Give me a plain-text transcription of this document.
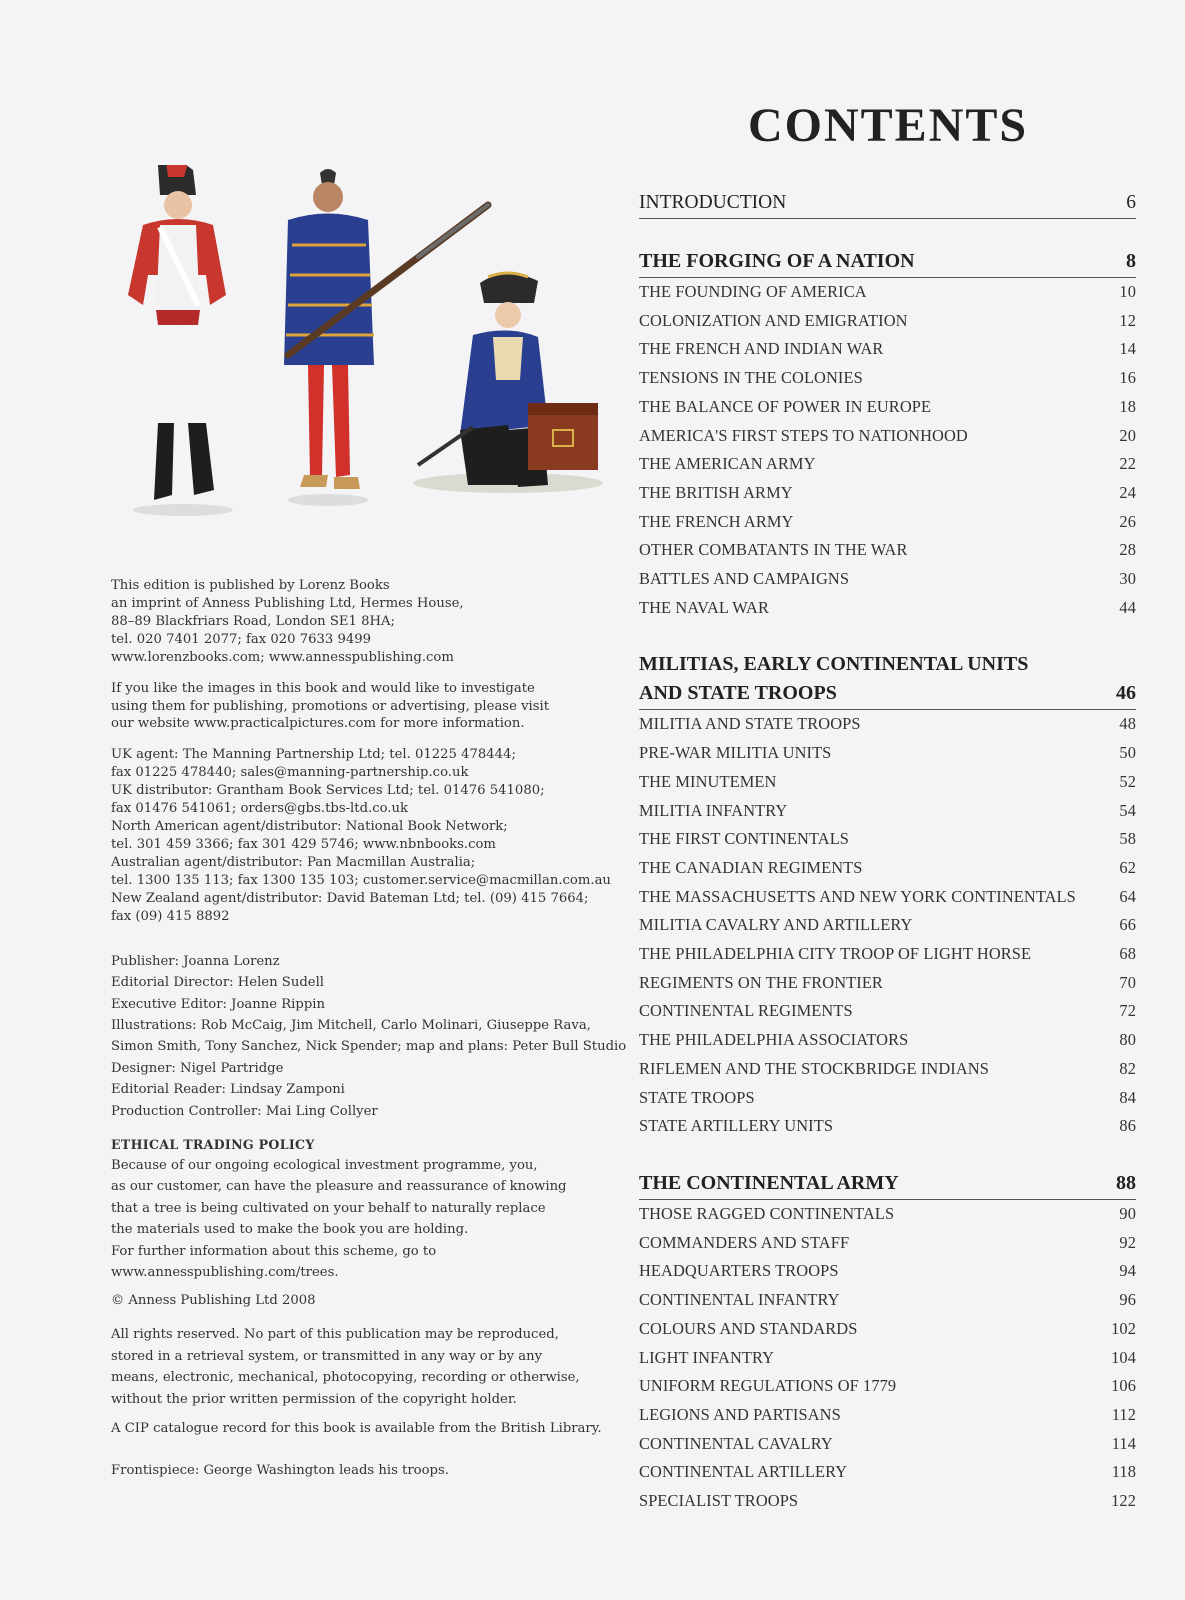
This edition is published by Lorenz Books
an imprint of Anness Publishing Ltd, Hermes House,
88–89 Blackfriars Road, London SE1 8HA;
tel. 020 7401 2077; fax 020 7633 9499
www.lorenzbooks.com; www.annesspublishing.com
If you like the images in this book and would like to investigate
using them for publishing, promotions or advertising, please visit
our website www.practicalpictures.com for more information.
UK agent: The Manning Partnership Ltd; tel. 01225 478444;
fax 01225 478440; sales@manning-partnership.co.uk
UK distributor: Grantham Book Services Ltd; tel. 01476 541080;
fax 01476 541061; orders@gbs.tbs-ltd.co.uk
North American agent/distributor: National Book Network;
tel. 301 459 3366; fax 301 429 5746; www.nbnbooks.com
Australian agent/distributor: Pan Macmillan Australia;
tel. 1300 135 113; fax 1300 135 103; customer.service@macmillan.com.au
New Zealand agent/distributor: David Bateman Ltd; tel. (09) 415 7664;
fax (09) 415 8892
Publisher: Joanna Lorenz
Editorial Director: Helen Sudell
Executive Editor: Joanne Rippin
Illustrations: Rob McCaig, Jim Mitchell, Carlo Molinari, Giuseppe Rava,
Simon Smith, Tony Sanchez, Nick Spender; map and plans: Peter Bull Studio
Designer: Nigel Partridge
Editorial Reader: Lindsay Zamponi
Production Controller: Mai Ling Collyer
ETHICAL TRADING POLICY
Because of our ongoing ecological investment programme, you,
as our customer, can have the pleasure and reassurance of knowing
that a tree is being cultivated on your behalf to naturally replace
the materials used to make the book you are holding.
For further information about this scheme, go to
www.annesspublishing.com/trees.
© Anness Publishing Ltd 2008
All rights reserved. No part of this publication may be reproduced,
stored in a retrieval system, or transmitted in any way or by any
means, electronic, mechanical, photocopying, recording or otherwise,
without the prior written permission of the copyright holder.
A CIP catalogue record for this book is available from the British Library.
Frontispiece: George Washington leads his troops.
CONTENTS
INTRODUCTION	6
THE FORGING OF A NATION	8
THE FOUNDING OF AMERICA	10
COLONIZATION AND EMIGRATION	12
THE FRENCH AND INDIAN WAR	14
TENSIONS IN THE COLONIES	16
THE BALANCE OF POWER IN EUROPE	18
AMERICA'S FIRST STEPS TO NATIONHOOD	20
THE AMERICAN ARMY	22
THE BRITISH ARMY	24
THE FRENCH ARMY	26
OTHER COMBATANTS IN THE WAR	28
BATTLES AND CAMPAIGNS	30
THE NAVAL WAR	44
MILITIAS, EARLY CONTINENTAL UNITS AND STATE TROOPS	46
MILITIA AND STATE TROOPS	48
PRE-WAR MILITIA UNITS	50
THE MINUTEMEN	52
MILITIA INFANTRY	54
THE FIRST CONTINENTALS	58
THE CANADIAN REGIMENTS	62
THE MASSACHUSETTS AND NEW YORK CONTINENTALS	64
MILITIA CAVALRY AND ARTILLERY	66
THE PHILADELPHIA CITY TROOP OF LIGHT HORSE	68
REGIMENTS ON THE FRONTIER	70
CONTINENTAL REGIMENTS	72
THE PHILADELPHIA ASSOCIATORS	80
RIFLEMEN AND THE STOCKBRIDGE INDIANS	82
STATE TROOPS	84
STATE ARTILLERY UNITS	86
THE CONTINENTAL ARMY	88
THOSE RAGGED CONTINENTALS	90
COMMANDERS AND STAFF	92
HEADQUARTERS TROOPS	94
CONTINENTAL INFANTRY	96
COLOURS AND STANDARDS	102
LIGHT INFANTRY	104
UNIFORM REGULATIONS OF 1779	106
LEGIONS AND PARTISANS	112
CONTINENTAL CAVALRY	114
CONTINENTAL ARTILLERY	118
SPECIALIST TROOPS	122
